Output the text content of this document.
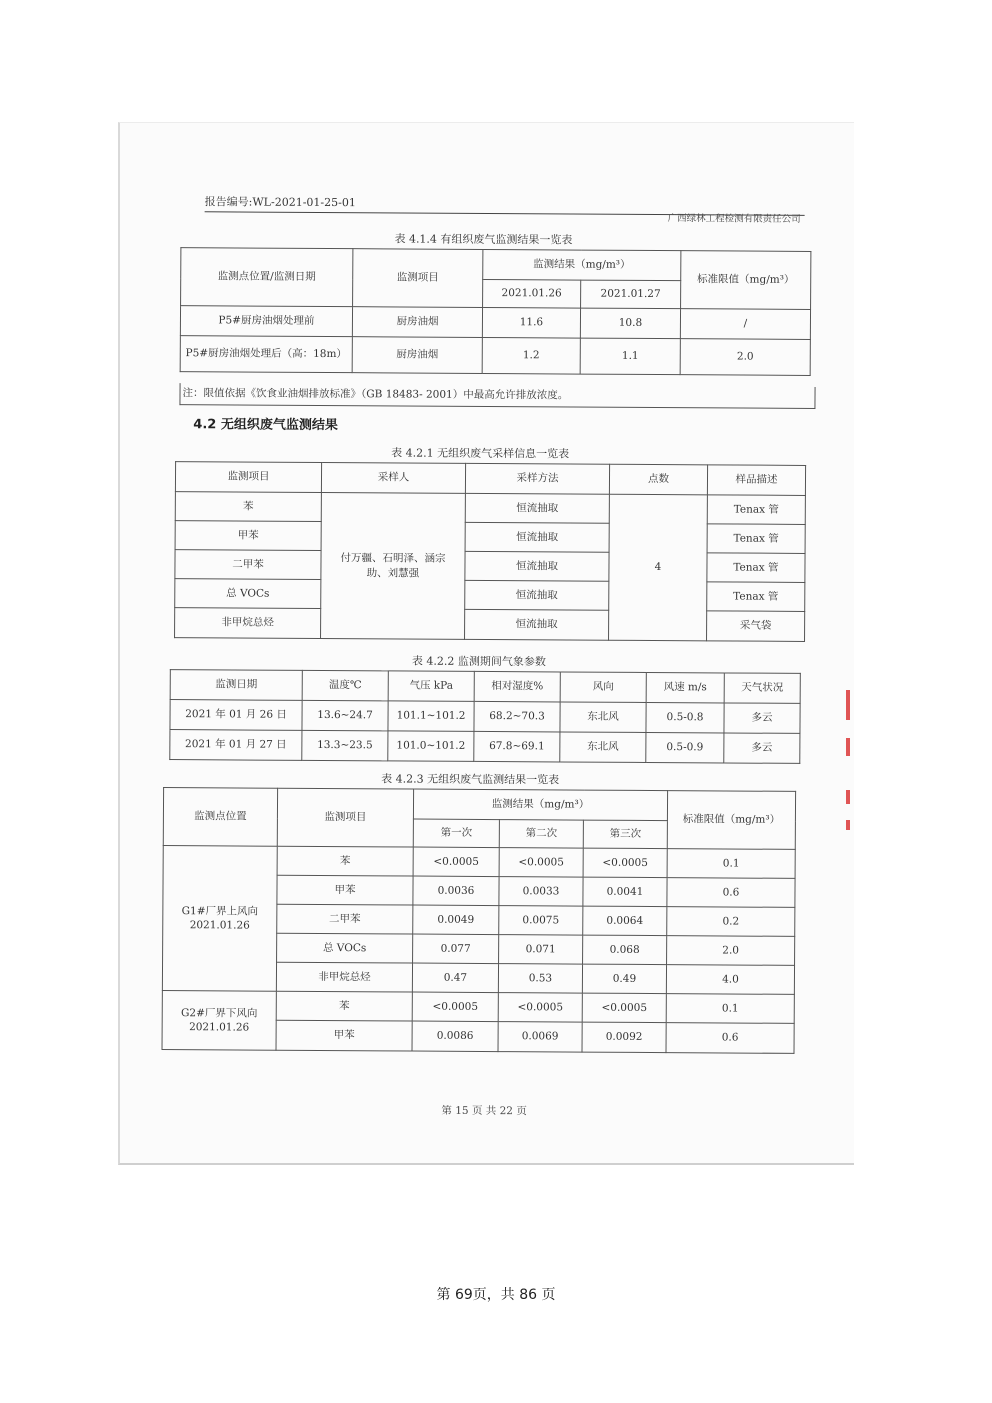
报告编号:WL-2021-01-25-01
广西绿林工程检测有限责任公司
表 4.1.4 有组织废气监测结果一览表
监测点位置/监测日期	监测项目	监测结果（mg/m³）		标准限值（mg/m³）
		2021.01.26	2021.01.27	
P5#厨房油烟处理前	厨房油烟	11.6	10.8	/
P5#厨房油烟处理后（高：18m）	厨房油烟	1.2	1.1	2.0
注：限值依据《饮食业油烟排放标准》（GB 18483- 2001）中最高允许排放浓度。
4.2 无组织废气监测结果
表 4.2.1 无组织废气采样信息一览表
监测项目	采样人	采样方法	点数	样品描述
苯	付万疆、石明泽、涵宗助、刘慧强	恒流抽取	4	Tenax 管
甲苯		恒流抽取		Tenax 管
二甲苯		恒流抽取		Tenax 管
总 VOCs		恒流抽取		Tenax 管
非甲烷总烃		恒流抽取		采气袋
表 4.2.2 监测期间气象参数
监测日期	温度℃	气压 kPa	相对湿度%	风向	风速 m/s	天气状况
2021 年 01 月 26 日	13.6~24.7	101.1~101.2	68.2~70.3	东北风	0.5-0.8	多云
2021 年 01 月 27 日	13.3~23.5	101.0~101.2	67.8~69.1	东北风	0.5-0.9	多云
表 4.2.3 无组织废气监测结果一览表
监测点位置	监测项目	监测结果（mg/m³）			标准限值（mg/m³）
		第一次	第二次	第三次	
G1#厂界上风向 2021.01.26	苯	<0.0005	<0.0005	<0.0005	0.1
	甲苯	0.0036	0.0033	0.0041	0.6
	二甲苯	0.0049	0.0075	0.0064	0.2
	总 VOCs	0.077	0.071	0.068	2.0
	非甲烷总烃	0.47	0.53	0.49	4.0
G2#厂界下风向 2021.01.26	苯	<0.0005	<0.0005	<0.0005	0.1
	甲苯	0.0086	0.0069	0.0092	0.6
第 15 页 共 22 页
第 69页，共 86 页
